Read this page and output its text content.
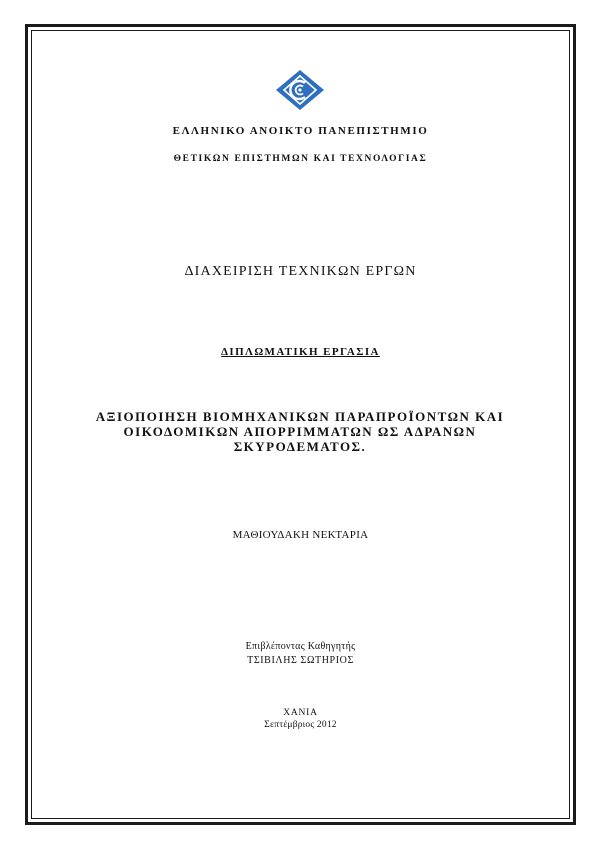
ΕΛΛΗΝΙΚΟ ΑΝΟΙΚΤΟ ΠΑΝΕΠΙΣΤΗΜΙΟ
ΘΕΤΙΚΩΝ ΕΠΙΣΤΗΜΩΝ ΚΑΙ ΤΕΧΝΟΛΟΓΙΑΣ
ΔΙΑΧΕΙΡΙΣΗ ΤΕΧΝΙΚΩΝ ΕΡΓΩΝ
ΔΙΠΛΩΜΑΤΙΚΗ ΕΡΓΑΣΙΑ
ΑΞΙΟΠΟΙΗΣΗ ΒΙΟΜΗΧΑΝΙΚΩΝ ΠΑΡΑΠΡΟΪΟΝΤΩΝ ΚΑΙ
ΟΙΚΟΔΟΜΙΚΩΝ ΑΠΟΡΡΙΜΜΑΤΩΝ ΩΣ ΑΔΡΑΝΩΝ
ΣΚΥΡΟΔΕΜΑΤΟΣ.
ΜΑΘΙΟΥΔΑΚΗ ΝΕΚΤΑΡΙΑ
Επιβλέποντας Καθηγητής
ΤΣΙΒΙΛΗΣ ΣΩΤΗΡΙΟΣ
ΧΑΝΙΑ
Σεπτέμβριος 2012
